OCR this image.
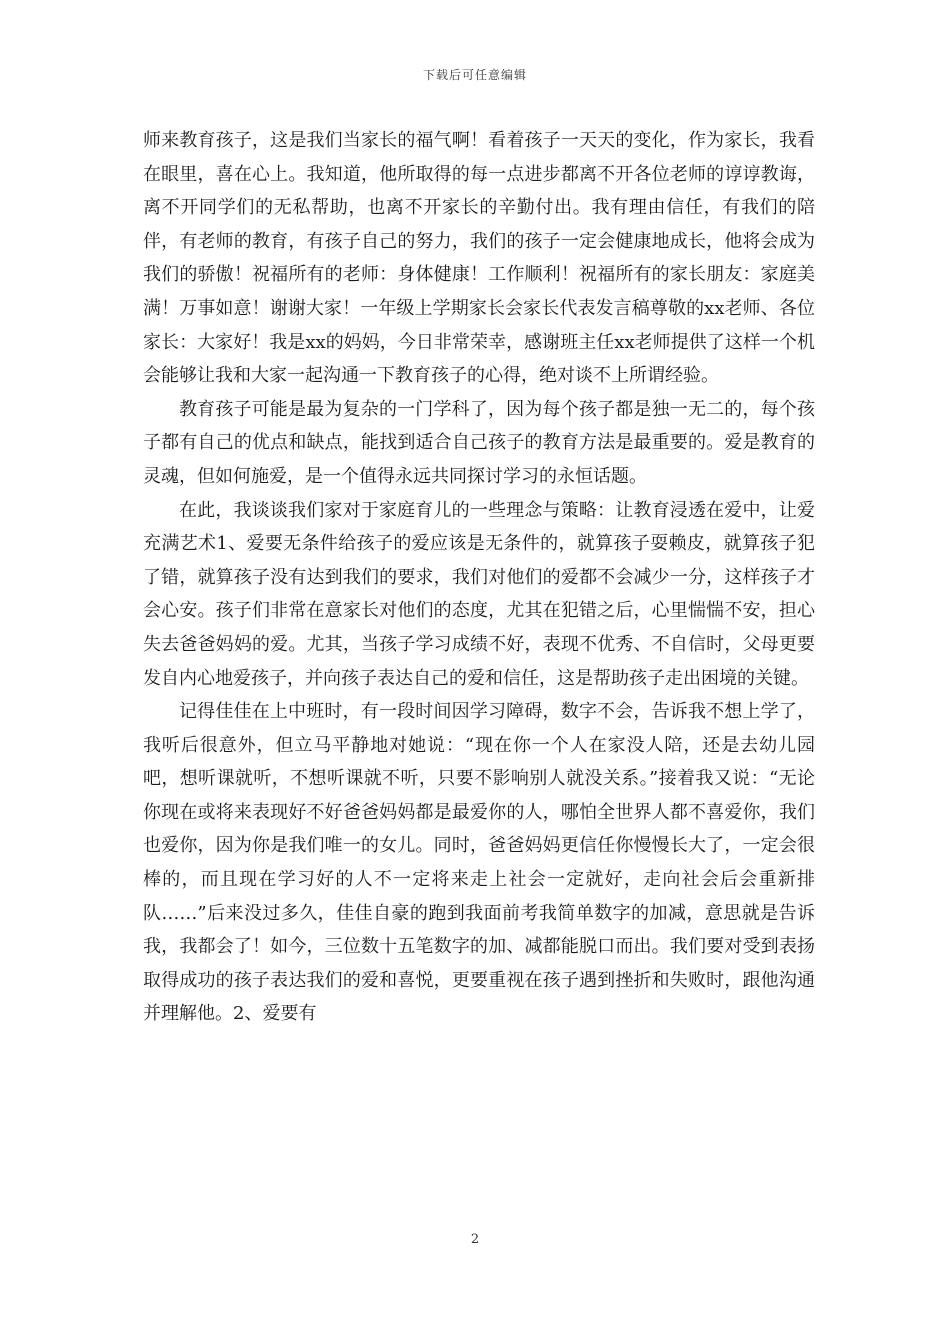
下载后可任意编辑

师来教育孩子，这是我们当家长的福气啊！看着孩子一天天的变化，作为家长，我看在眼里，喜在心上。我知道，他所取得的每一点进步都离不开各位老师的谆谆教诲，离不开同学们的无私帮助，也离不开家长的辛勤付出。我有理由信任，有我们的陪伴，有老师的教育，有孩子自己的努力，我们的孩子一定会健康地成长，他将会成为我们的骄傲！祝福所有的老师：身体健康！工作顺利！祝福所有的家长朋友：家庭美满！万事如意！谢谢大家！一年级上学期家长会家长代表发言稿尊敬的xx老师、各位家长：大家好！我是xx的妈妈，今日非常荣幸，感谢班主任xx老师提供了这样一个机会能够让我和大家一起沟通一下教育孩子的心得，绝对谈不上所谓经验。

教育孩子可能是最为复杂的一门学科了，因为每个孩子都是独一无二的，每个孩子都有自己的优点和缺点，能找到适合自己孩子的教育方法是最重要的。爱是教育的灵魂，但如何施爱，是一个值得永远共同探讨学习的永恒话题。

在此，我谈谈我们家对于家庭育儿的一些理念与策略：让教育浸透在爱中，让爱充满艺术1、爱要无条件给孩子的爱应该是无条件的，就算孩子耍赖皮，就算孩子犯了错，就算孩子没有达到我们的要求，我们对他们的爱都不会减少一分，这样孩子才会心安。孩子们非常在意家长对他们的态度，尤其在犯错之后，心里惴惴不安，担心失去爸爸妈妈的爱。尤其，当孩子学习成绩不好，表现不优秀、不自信时，父母更要发自内心地爱孩子，并向孩子表达自己的爱和信任，这是帮助孩子走出困境的关键。

记得佳佳在上中班时，有一段时间因学习障碍，数字不会，告诉我不想上学了，我听后很意外，但立马平静地对她说：“现在你一个人在家没人陪，还是去幼儿园吧，想听课就听，不想听课就不听，只要不影响别人就没关系。”接着我又说：“无论你现在或将来表现好不好爸爸妈妈都是最爱你的人，哪怕全世界人都不喜爱你，我们也爱你，因为你是我们唯一的女儿。同时，爸爸妈妈更信任你慢慢长大了，一定会很棒的，而且现在学习好的人不一定将来走上社会一定就好，走向社会后会重新排队……”后来没过多久，佳佳自豪的跑到我面前考我简单数字的加减，意思就是告诉我，我都会了！如今，三位数十五笔数字的加、减都能脱口而出。我们要对受到表扬取得成功的孩子表达我们的爱和喜悦，更要重视在孩子遇到挫折和失败时，跟他沟通并理解他。2、爱要有

2
